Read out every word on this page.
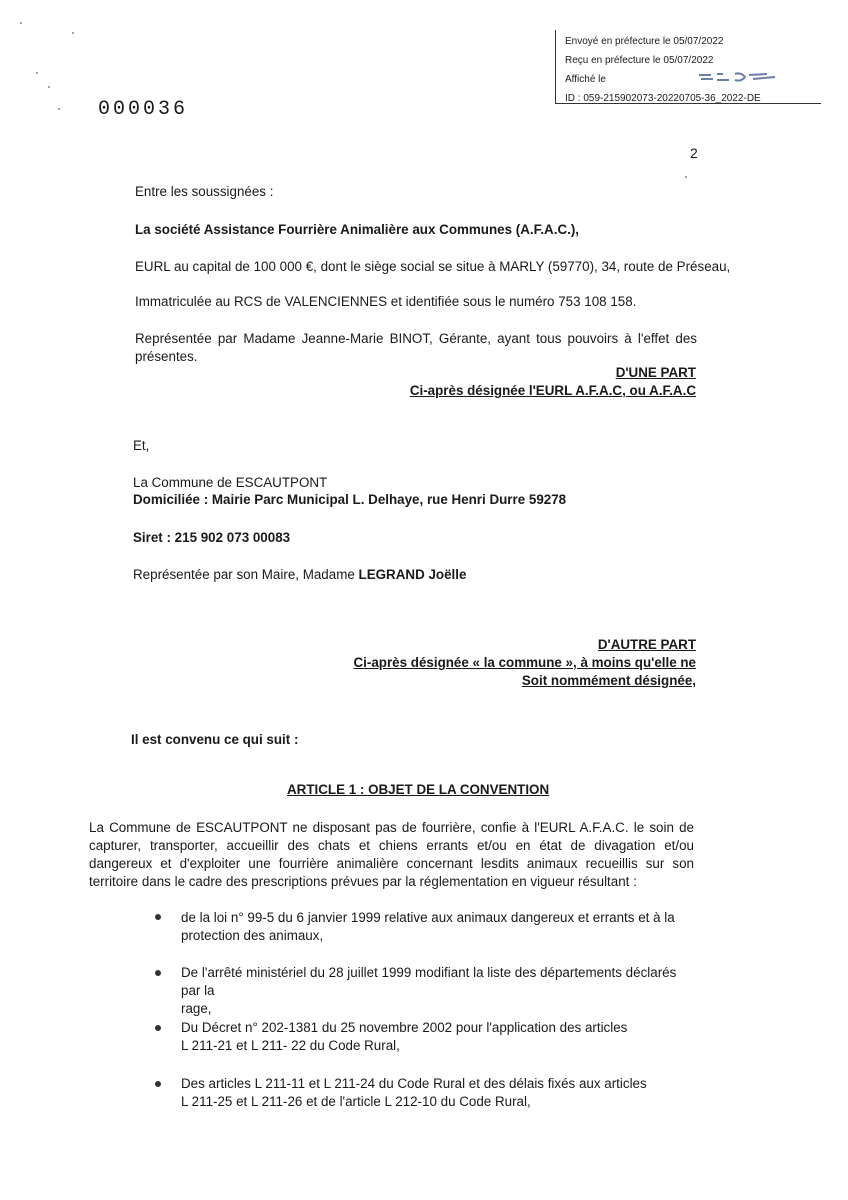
Envoyé en préfecture le 05/07/2022
Reçu en préfecture le 05/07/2022
Affiché le
ID : 059-215902073-20220705-36_2022-DE
000036
2
Entre les soussignées :
La société Assistance Fourrière Animalière aux Communes (A.F.A.C.),
EURL au capital de 100 000 €, dont le siège social se situe à MARLY (59770), 34, route de Préseau,
Immatriculée au RCS de VALENCIENNES et identifiée sous le numéro 753 108 158.
Représentée par Madame Jeanne-Marie BINOT, Gérante, ayant tous pouvoirs à l'effet des
présentes.
D'UNE PART
Ci-après désignée l'EURL A.F.A.C, ou A.F.A.C
Et,
La Commune de ESCAUTPONT
Domiciliée : Mairie Parc Municipal L. Delhaye, rue Henri Durre 59278
Siret : 215 902 073 00083
Représentée par son Maire, Madame LEGRAND Joëlle
D'AUTRE PART
Ci-après désignée « la commune », à moins qu'elle ne
Soit nommément désignée,
Il est convenu ce qui suit :
ARTICLE 1 : OBJET DE LA CONVENTION
La Commune de ESCAUTPONT ne disposant pas de fourrière, confie à l'EURL A.F.A.C. le soin de capturer, transporter, accueillir des chats et chiens errants et/ou en état de divagation et/ou dangereux et d'exploiter une fourrière animalière concernant lesdits animaux recueillis sur son territoire dans le cadre des prescriptions prévues par la réglementation en vigueur résultant :
de la loi n° 99-5 du 6 janvier 1999 relative aux animaux dangereux et errants et à la
protection des animaux,
De l'arrêté ministériel du 28 juillet 1999 modifiant la liste des départements déclarés par la
rage,
Du Décret n° 202-1381 du 25 novembre 2002 pour l'application des articles
L 211-21 et L 211- 22 du Code Rural,
Des articles L 211-11 et L 211-24 du Code Rural et des délais fixés aux articles
L 211-25 et L 211-26 et de l'article L 212-10 du Code Rural,
